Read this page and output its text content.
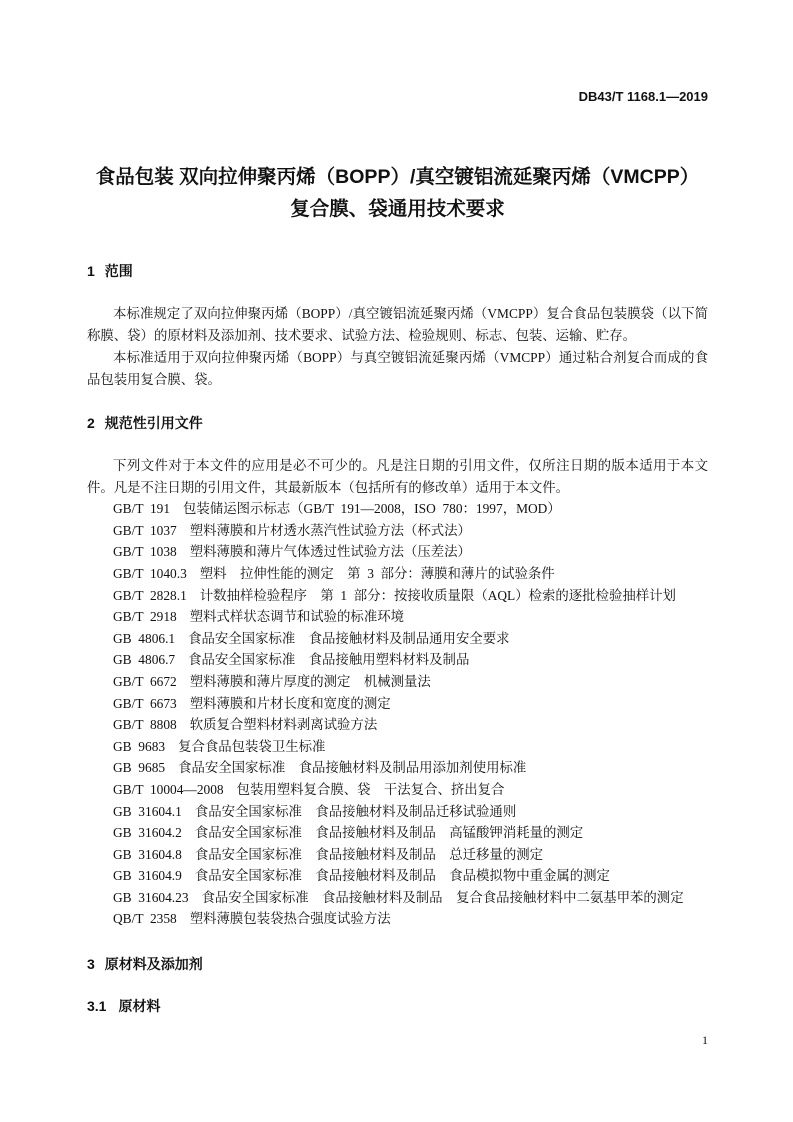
DB43/T 1168.1—2019
食品包装 双向拉伸聚丙烯（BOPP）/真空镀铝流延聚丙烯（VMCPP）
复合膜、袋通用技术要求
1 范围
本标准规定了双向拉伸聚丙烯（BOPP）/真空镀铝流延聚丙烯（VMCPP）复合食品包装膜袋（以下简
称膜、袋）的原材料及添加剂、技术要求、试验方法、检验规则、标志、包装、运输、贮存。
本标准适用于双向拉伸聚丙烯（BOPP）与真空镀铝流延聚丙烯（VMCPP）通过粘合剂复合而成的食
品包装用复合膜、袋。
2 规范性引用文件
下列文件对于本文件的应用是必不可少的。凡是注日期的引用文件，仅所注日期的版本适用于本文
件。凡是不注日期的引用文件，其最新版本（包括所有的修改单）适用于本文件。
GB/T 191 包装储运图示标志（GB/T 191—2008，ISO 780：1997，MOD）
GB/T 1037 塑料薄膜和片材透水蒸汽性试验方法（杯式法）
GB/T 1038 塑料薄膜和薄片气体透过性试验方法（压差法）
GB/T 1040.3 塑料  拉伸性能的测定  第 3 部分：薄膜和薄片的试验条件
GB/T 2828.1 计数抽样检验程序  第 1 部分：按接收质量限（AQL）检索的逐批检验抽样计划
GB/T 2918 塑料式样状态调节和试验的标准环境
GB 4806.1 食品安全国家标准  食品接触材料及制品通用安全要求
GB 4806.7 食品安全国家标准  食品接触用塑料材料及制品
GB/T 6672 塑料薄膜和薄片厚度的测定  机械测量法
GB/T 6673 塑料薄膜和片材长度和宽度的测定
GB/T 8808 软质复合塑料材料剥离试验方法
GB 9683 复合食品包装袋卫生标准
GB 9685 食品安全国家标准  食品接触材料及制品用添加剂使用标准
GB/T 10004—2008 包装用塑料复合膜、袋  干法复合、挤出复合
GB 31604.1 食品安全国家标准  食品接触材料及制品迁移试验通则
GB 31604.2 食品安全国家标准  食品接触材料及制品  高锰酸钾消耗量的测定
GB 31604.8 食品安全国家标准  食品接触材料及制品  总迁移量的测定
GB 31604.9 食品安全国家标准  食品接触材料及制品  食品模拟物中重金属的测定
GB 31604.23 食品安全国家标准  食品接触材料及制品  复合食品接触材料中二氨基甲苯的测定
QB/T 2358 塑料薄膜包装袋热合强度试验方法
3 原材料及添加剂
3.1 原材料
1
